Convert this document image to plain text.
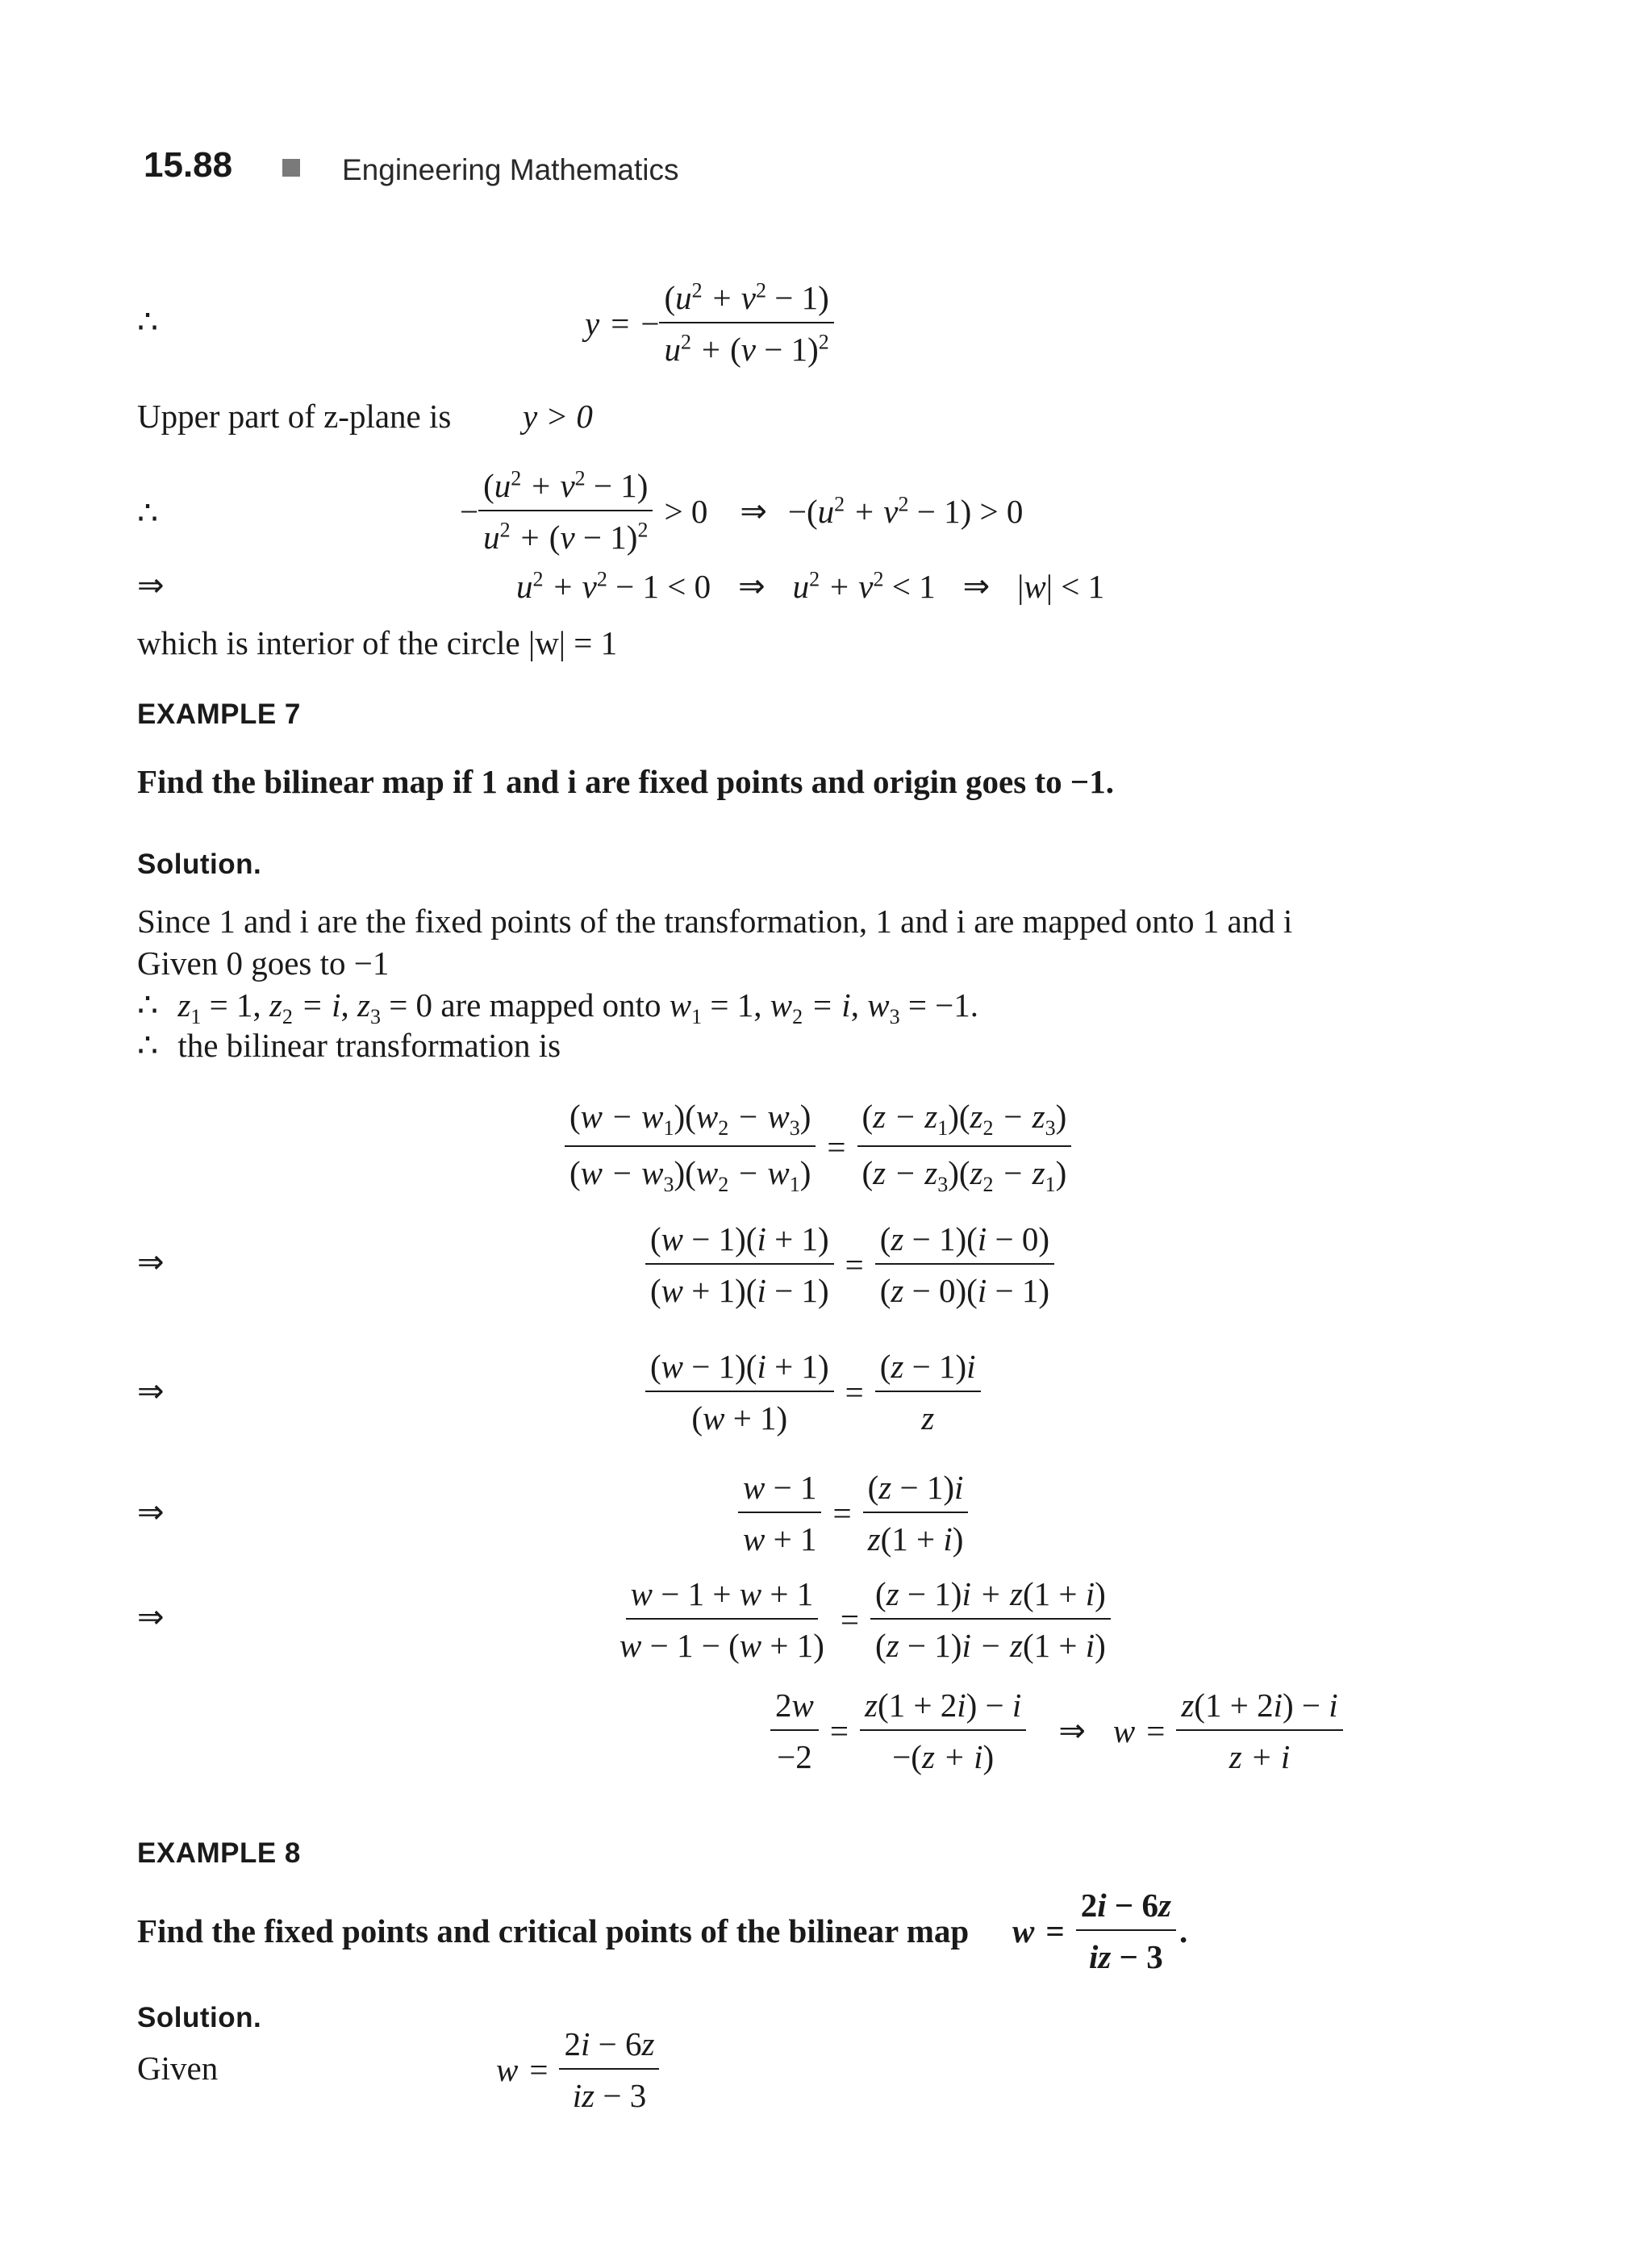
15.88	Engineering Mathematics
∴	y = − $\frac{(u^2 + v^2 - 1)}{u^2 + (v - 1)^2}$
Upper part of z-plane is y > 0
∴	− $\frac{(u^2 + v^2 - 1)}{u^2 + (v - 1)^2} > 0$ ⇒ $-(u^2 + v^2 - 1) > 0$
⇒	$u^2 + v^2 - 1 < 0$ ⇒ $u^2 + v^2 < 1$ ⇒ |w| < 1
which is interior of the circle |w| = 1
EXAMPLE 7
Find the bilinear map if 1 and i are fixed points and origin goes to −1.
Solution.
Since 1 and i are the fixed points of the transformation, 1 and i are mapped onto 1 and i
Given 0 goes to −1
∴ $z_1 = 1$, $z_2 = i$, $z_3 = 0$ are mapped onto $w_1 = 1$, $w_2 = i$, $w_3 = -1$.
∴ the bilinear transformation is
$\frac{(w - w_1)(w_2 - w_3)}{(w - w_3)(w_2 - w_1)} = \frac{(z - z_1)(z_2 - z_3)}{(z - z_3)(z_2 - z_1)}$
⇒	$\frac{(w - 1)(i + 1)}{(w + 1)(i - 1)} = \frac{(z - 1)(i - 0)}{(z - 0)(i - 1)}$
⇒	$\frac{(w - 1)(i + 1)}{(w + 1)} = \frac{(z - 1)i}{z}$
⇒	$\frac{w - 1}{w + 1} = \frac{(z - 1)i}{z(1 + i)}$
⇒	$\frac{w - 1 + w + 1}{w - 1 - (w + 1)} = \frac{(z - 1)i + z(1 + i)}{(z - 1)i - z(1 + i)}$
$\frac{2w}{-2} = \frac{z(1 + 2i) - i}{-(z + i)}$ ⇒ $w = \frac{z(1 + 2i) - i}{z + i}$
EXAMPLE 8
Find the fixed points and critical points of the bilinear map $w = \frac{2i - 6z}{iz - 3}$ .
Solution.
Given	$w = \frac{2i - 6z}{iz - 3}$
